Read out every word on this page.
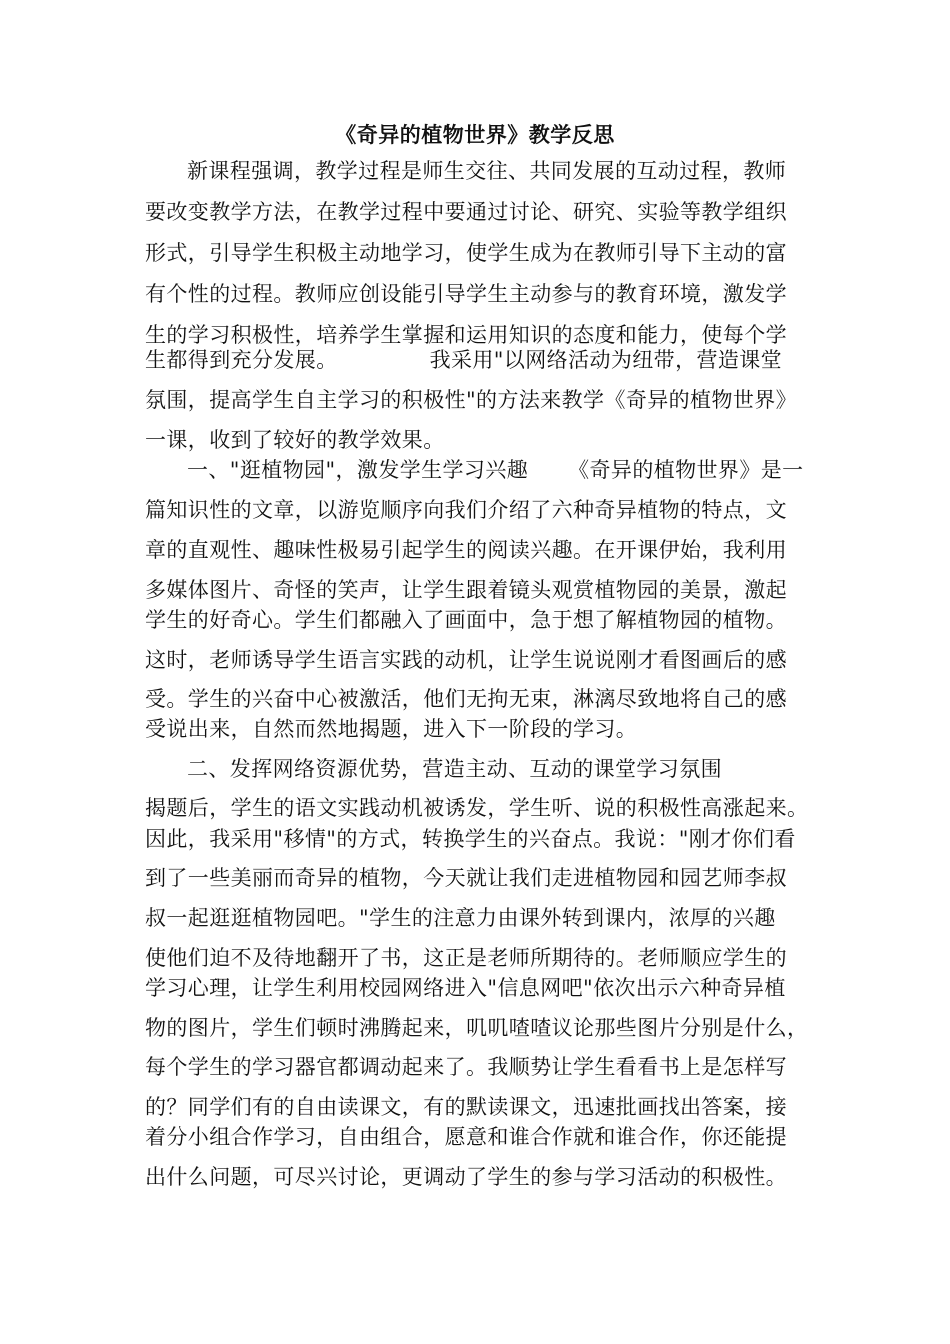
《奇异的植物世界》教学反思
新课程强调，教学过程是师生交往、共同发展的互动过程，教师
要改变教学方法，在教学过程中要通过讨论、研究、实验等教学组织
形式，引导学生积极主动地学习，使学生成为在教师引导下主动的富
有个性的过程。教师应创设能引导学生主动参与的教育环境，激发学
生的学习积极性，培养学生掌握和运用知识的态度和能力，使每个学
生都得到充分发展。	我采用"以网络活动为纽带，营造课堂
氛围，提高学生自主学习的积极性"的方法来教学《奇异的植物世界》
一课，收到了较好的教学效果。
一、"逛植物园"，激发学生学习兴趣 《奇异的植物世界》是一
篇知识性的文章，以游览顺序向我们介绍了六种奇异植物的特点，文
章的直观性、趣味性极易引起学生的阅读兴趣。在开课伊始，我利用
多媒体图片、奇怪的笑声，让学生跟着镜头观赏植物园的美景，激起
学生的好奇心。学生们都融入了画面中，急于想了解植物园的植物。
这时，老师诱导学生语言实践的动机，让学生说说刚才看图画后的感
受。学生的兴奋中心被激活，他们无拘无束，淋漓尽致地将自己的感
受说出来，自然而然地揭题，进入下一阶段的学习。
二、发挥网络资源优势，营造主动、互动的课堂学习氛围
揭题后，学生的语文实践动机被诱发，学生听、说的积极性高涨起来。
因此，我采用"移情"的方式，转换学生的兴奋点。我说："刚才你们看
到了一些美丽而奇异的植物，今天就让我们走进植物园和园艺师李叔
叔一起逛逛植物园吧。"学生的注意力由课外转到课内，浓厚的兴趣
使他们迫不及待地翻开了书，这正是老师所期待的。老师顺应学生的
学习心理，让学生利用校园网络进入"信息网吧"依次出示六种奇异植
物的图片，学生们顿时沸腾起来，叽叽喳喳议论那些图片分别是什么，
每个学生的学习器官都调动起来了。我顺势让学生看看书上是怎样写
的？同学们有的自由读课文，有的默读课文，迅速批画找出答案，接
着分小组合作学习，自由组合，愿意和谁合作就和谁合作，你还能提
出什么问题，可尽兴讨论，更调动了学生的参与学习活动的积极性。
